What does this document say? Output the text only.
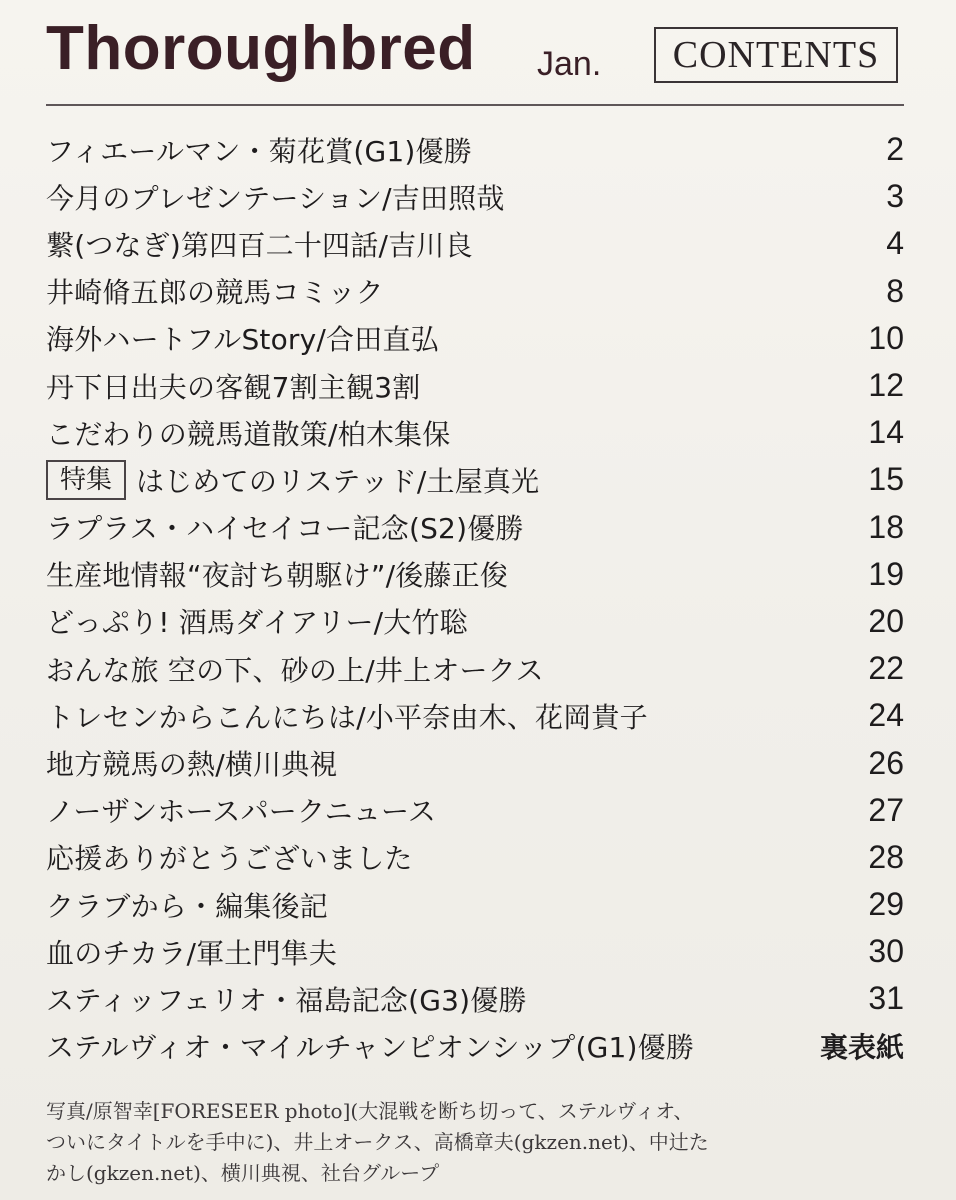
Thoroughbred Jan.	CONTENTS
フィエールマン・菊花賞(G1)優勝	2
今月のプレゼンテーション/吉田照哉	3
繋(つなぎ)第四百二十四話/吉川良	4
井崎脩五郎の競馬コミック	8
海外ハートフルStory/合田直弘	10
丹下日出夫の客観7割主観3割	12
こだわりの競馬道散策/柏木集保	14
特集 はじめてのリステッド/土屋真光	15
ラプラス・ハイセイコー記念(S2)優勝	18
生産地情報“夜討ち朝駆け”/後藤正俊	19
どっぷり! 酒馬ダイアリー/大竹聡	20
おんな旅 空の下、砂の上/井上オークス	22
トレセンからこんにちは/小平奈由木、花岡貴子	24
地方競馬の熱/横川典視	26
ノーザンホースパークニュース	27
応援ありがとうございました	28
クラブから・編集後記	29
血のチカラ/軍土門隼夫	30
スティッフェリオ・福島記念(G3)優勝	31
ステルヴィオ・マイルチャンピオンシップ(G1)優勝	裏表紙
写真/原智幸[FORESEER photo](大混戦を断ち切って、ステルヴィオ、
ついにタイトルを手中に)、井上オークス、高橋章夫(gkzen.net)、中辻た
かし(gkzen.net)、横川典視、社台グループ
